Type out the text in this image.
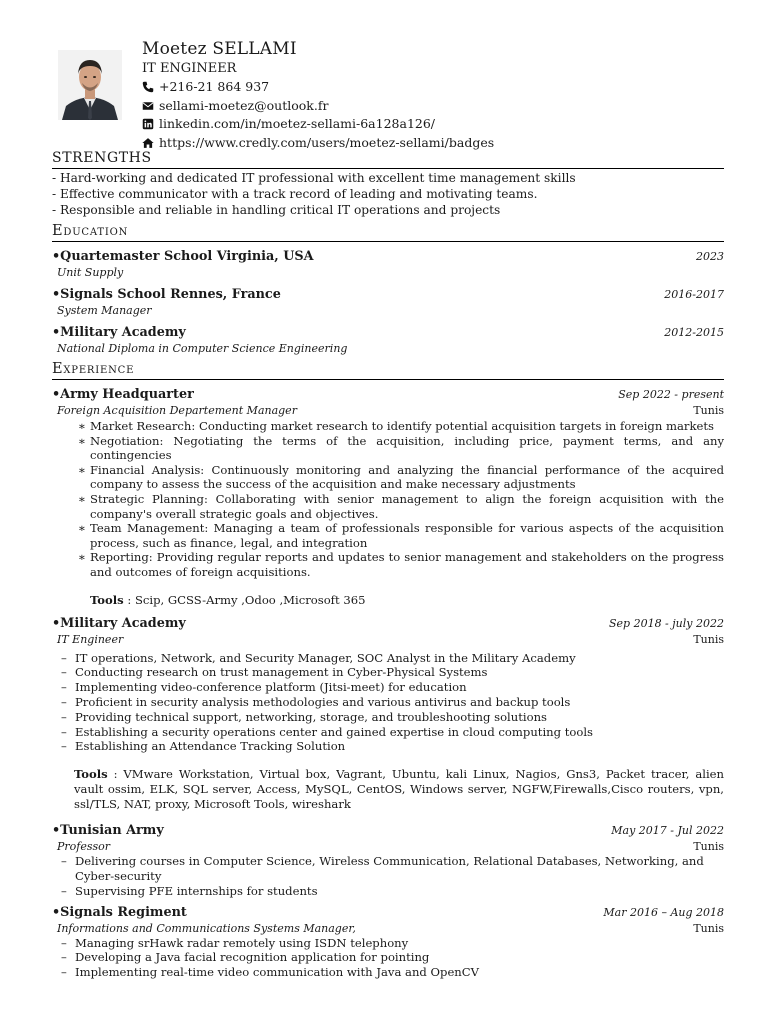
Moetez SELLAMI
IT ENGINEER
+216-21 864 937
sellami-moetez@outlook.fr
linkedin.com/in/moetez-sellami-6a128a126/
https://www.credly.com/users/moetez-sellami/badges
STRENGTHS
- Hard-working and dedicated IT professional with excellent time management skills
- Effective communicator with a track record of leading and motivating teams.
- Responsible and reliable in handling critical IT operations and projects
Education
•Quartemaster School Virginia, USA	2023
Unit Supply
•Signals School Rennes, France	2016-2017
System Manager
•Military Academy	2012-2015
National Diploma in Computer Science Engineering
Experience
•Army Headquarter	Sep 2022 - present
Foreign Acquisition Departement Manager	Tunis
∗ Market Research: Conducting market research to identify potential acquisition targets in foreign markets
∗ Negotiation: Negotiating the terms of the acquisition, including price, payment terms, and any contingencies
∗ Financial Analysis: Continuously monitoring and analyzing the financial performance of the acquired company to assess the success of the acquisition and make necessary adjustments
∗ Strategic Planning: Collaborating with senior management to align the foreign acquisition with the company's overall strategic goals and objectives.
∗ Team Management: Managing a team of professionals responsible for various aspects of the acquisition process, such as finance, legal, and integration
∗ Reporting: Providing regular reports and updates to senior management and stakeholders on the progress and outcomes of foreign acquisitions.
Tools : Scip, GCSS-Army ,Odoo ,Microsoft 365
•Military Academy	Sep 2018 - july 2022
IT Engineer	Tunis
– IT operations, Network, and Security Manager, SOC Analyst in the Military Academy
– Conducting research on trust management in Cyber-Physical Systems
– Implementing video-conference platform (Jitsi-meet) for education
– Proficient in security analysis methodologies and various antivirus and backup tools
– Providing technical support, networking, storage, and troubleshooting solutions
– Establishing a security operations center and gained expertise in cloud computing tools
– Establishing an Attendance Tracking Solution
Tools : VMware Workstation, Virtual box, Vagrant, Ubuntu, kali Linux, Nagios, Gns3, Packet tracer, alien vault ossim, ELK, SQL server, Access, MySQL, CentOS, Windows server, NGFW,Firewalls,Cisco routers, vpn, ssl/TLS, NAT, proxy, Microsoft Tools, wireshark
•Tunisian Army	May 2017 - Jul 2022
Professor	Tunis
– Delivering courses in Computer Science, Wireless Communication, Relational Databases, Networking, and Cyber-security
– Supervising PFE internships for students
•Signals Regiment	Mar 2016 – Aug 2018
Informations and Communications Systems Manager,	Tunis
– Managing srHawk radar remotely using ISDN telephony
– Developing a Java facial recognition application for pointing
– Implementing real-time video communication with Java and OpenCV
